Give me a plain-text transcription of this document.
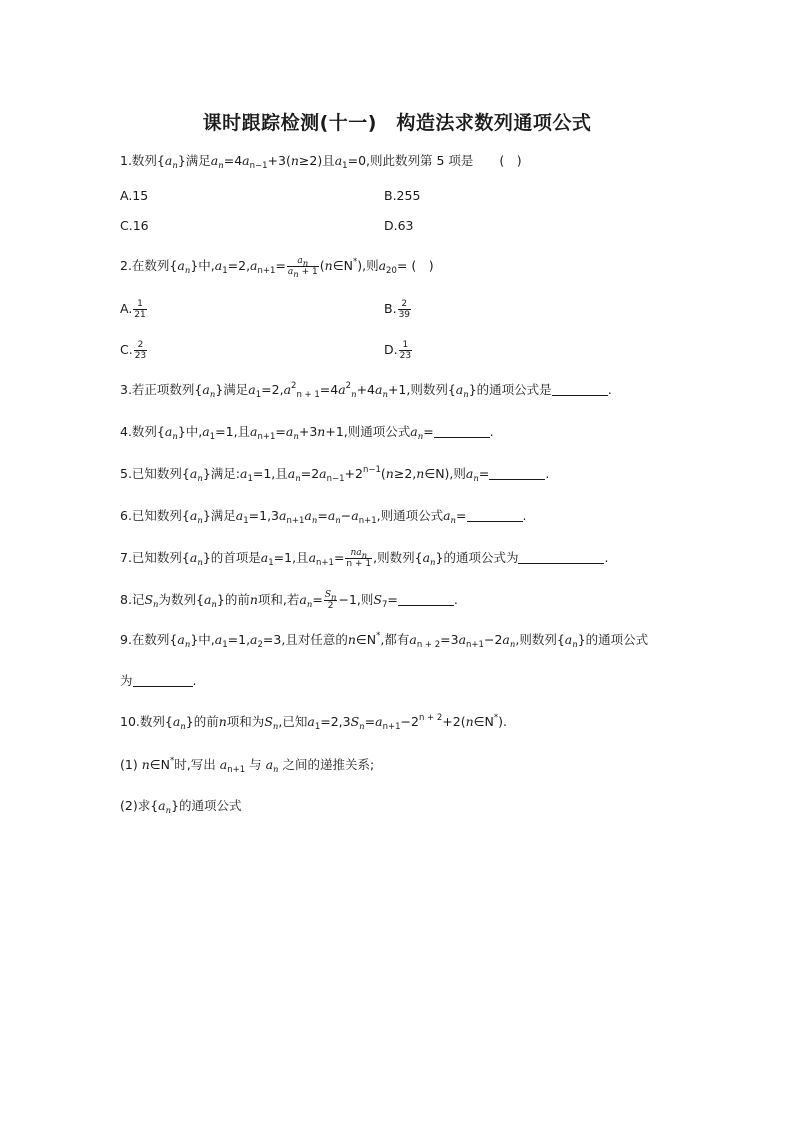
课时跟踪检测(十一)　构造法求数列通项公式
1.数列$\{a_n\}$满足$a_n=4a_{n-1}+3(n\ge 2)$且$a_1=0$,则此数列第 5 项是 (　)
A.15	B.255
C.16	D.63
2.在数列$\{a_n\}$中$,a_1=2,a_{n+1}= \frac{a_n}{a_n + 1}$ (n∈N*),则$a_{20}=$ (　)
A. $\frac{1}{21}$	B. $\frac{2}{39}$
C. $\frac{2}{23}$	D. $\frac{1}{23}$
3.若正项数列$\{a_n\}$满足$a_1=2,a^2_{n + 1}=4a^2_n+4a_n+1$,则数列$\{a_n\}$的通项公式是	.
4.数列$\{a_n\}$中$,a_1=1$,且$a_{n+1}=a_n+3n+1$,则通项公式$a_n=$	.
5.已知数列$\{a_n\}$满足$:a_1=1$,且$a_n=2a_{n-1}+2^{n-1}(n\ge 2,n\in N)$,则$a_n=$	.
6.已知数列$\{a_n\}$满足$a_1=1,3a_{n+1}a_n=a_n-a_{n+1}$,则通项公式$a_n=$	.
7.已知数列$\{a_n\}$的首项是$a_1=1$,且$a_{n+1}= \frac{na_n}{n + 1}$ ,则数列$\{a_n\}$的通项公式为	.
8.记$S_n$为数列$\{a_n\}$的前n项和,若$a_n= \frac{S_n}{2} -1$,则$S_7=$	.
9.在数列$\{a_n\}$中$,a_1=1,a_2=3$,且对任意的n∈N*,都有$a_{n + 2}=3a_{n+1}-2a_n$,则数列$\{a_n\}$的通项公式
为	.
10.数列$\{a_n\}$的前n项和为$S_n$,已知$a_1=2,3S_n=a_{n+1}-2^{n + 2}+2(n\in N^*)$.
(1) n∈N*时,写出 $a_{n+1}$ 与 $a_n$ 之间的递推关系;
(2)求$\{a_n\}$的通项公式
